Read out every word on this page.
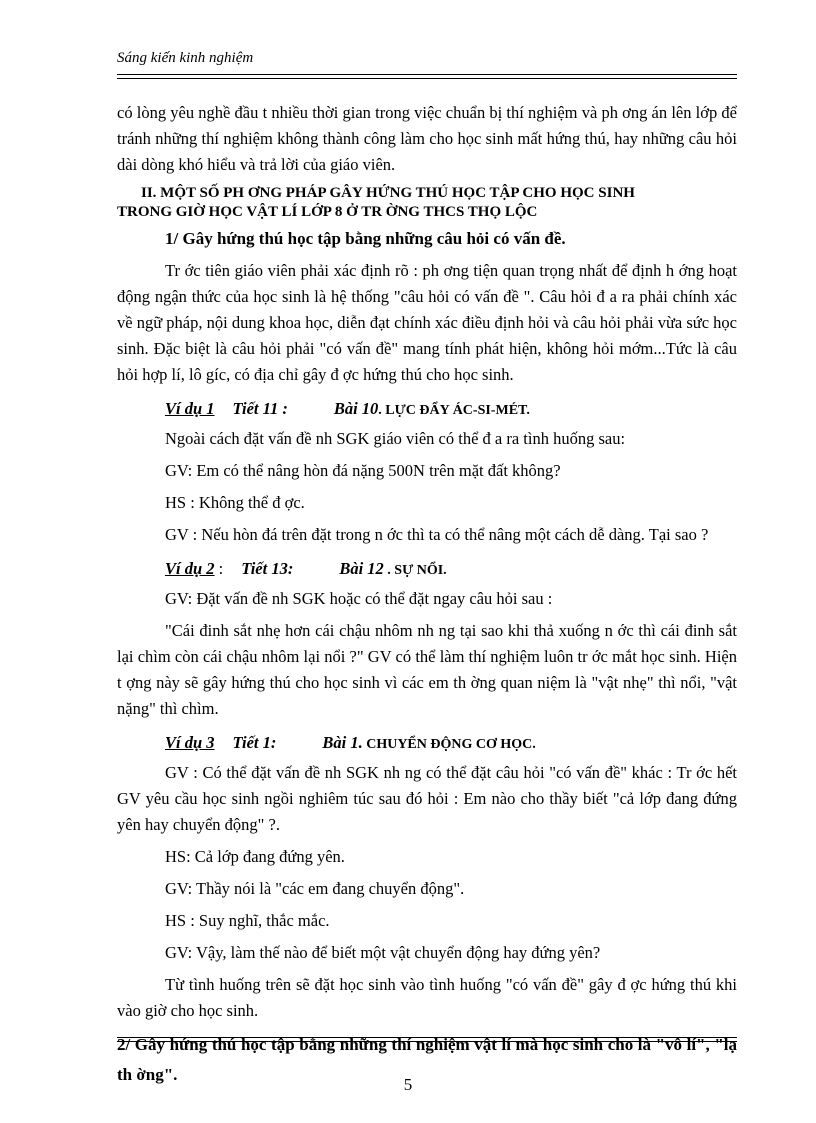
Sáng kiến kinh nghiệm

có lòng yêu nghề đầu t nhiều thời gian trong việc chuẩn bị thí nghiệm và ph ơng án lên lớp để tránh những thí nghiệm không thành công làm cho học sinh mất hứng thú, hay những câu hỏi dài dòng khó hiểu và trả lời của giáo viên.

II. MỘT SỐ PH ƠNG PHÁP GÂY HỨNG THÚ HỌC TẬP CHO HỌC SINH

TRONG GIỜ HỌC VẬT LÍ LỚP 8 Ở TR ỜNG THCS THỌ LỘC

1/ Gây hứng thú học tập bằng những câu hỏi có vấn đề.

Tr ớc tiên giáo viên phải xác định rõ : ph ơng tiện quan trọng nhất để định h ớng hoạt động ngận thức của học sinh là hệ thống "câu hỏi có vấn đề ". Câu hỏi đ a ra phải chính xác về ngữ pháp, nội dung khoa học, diễn đạt chính xác điều định hỏi và câu hỏi phải vừa sức học sinh. Đặc biệt là câu hỏi phải "có vấn đề" mang tính phát hiện, không hỏi mớm...Tức là câu hỏi hợp lí, lô gíc, có địa chỉ gây đ ợc hứng thú cho học sinh.

Ví dụ 1 Tiết 11 :	Bài 10. LỰC ĐẨY ÁC-SI-MÉT.

Ngoài cách đặt vấn đề nh SGK giáo viên có thể đ a ra tình huống sau:

GV: Em có thể nâng hòn đá nặng 500N trên mặt đất không?

HS : Không thể đ ợc.

GV : Nếu hòn đá trên đặt trong n ớc thì ta có thể nâng một cách dễ dàng. Tại sao ?

Ví dụ 2 : Tiết 13:	Bài 12 . SỰ NỔI.

GV: Đặt vấn đề nh SGK hoặc có thể đặt ngay câu hỏi sau :

"Cái đinh sắt nhẹ hơn cái chậu nhôm nh ng tại sao khi thả xuống n ớc thì cái đinh sắt lại chìm còn cái chậu nhôm lại nổi ?" GV có thể làm thí nghiệm luôn tr ớc mắt học sinh. Hiện t ợng này sẽ gây hứng thú cho học sinh vì các em th ờng quan niệm là "vật nhẹ" thì nổi, "vật nặng" thì chìm.

Ví dụ 3 Tiết 1:	Bài 1. CHUYỂN ĐỘNG CƠ HỌC.

GV : Có thể đặt vấn đề nh SGK nh ng có thể đặt câu hỏi "có vấn đề" khác : Tr ớc hết GV yêu cầu học sinh ngồi nghiêm túc sau đó hỏi : Em nào cho thầy biết "cả lớp đang đứng yên hay chuyển động" ?.

HS: Cả lớp đang đứng yên.

GV: Thầy nói là "các em đang chuyển động".

HS : Suy nghĩ, thắc mắc.

GV: Vậy, làm thế nào để biết một vật chuyển động hay đứng yên?

Từ tình huống trên sẽ đặt học sinh vào tình huống "có vấn đề" gây đ ợc hứng thú khi vào giờ cho học sinh.

2/ Gây hứng thú học tập bằng những thí nghiệm vật lí mà học sinh cho là "vô lí", "lạ th ờng".

5
